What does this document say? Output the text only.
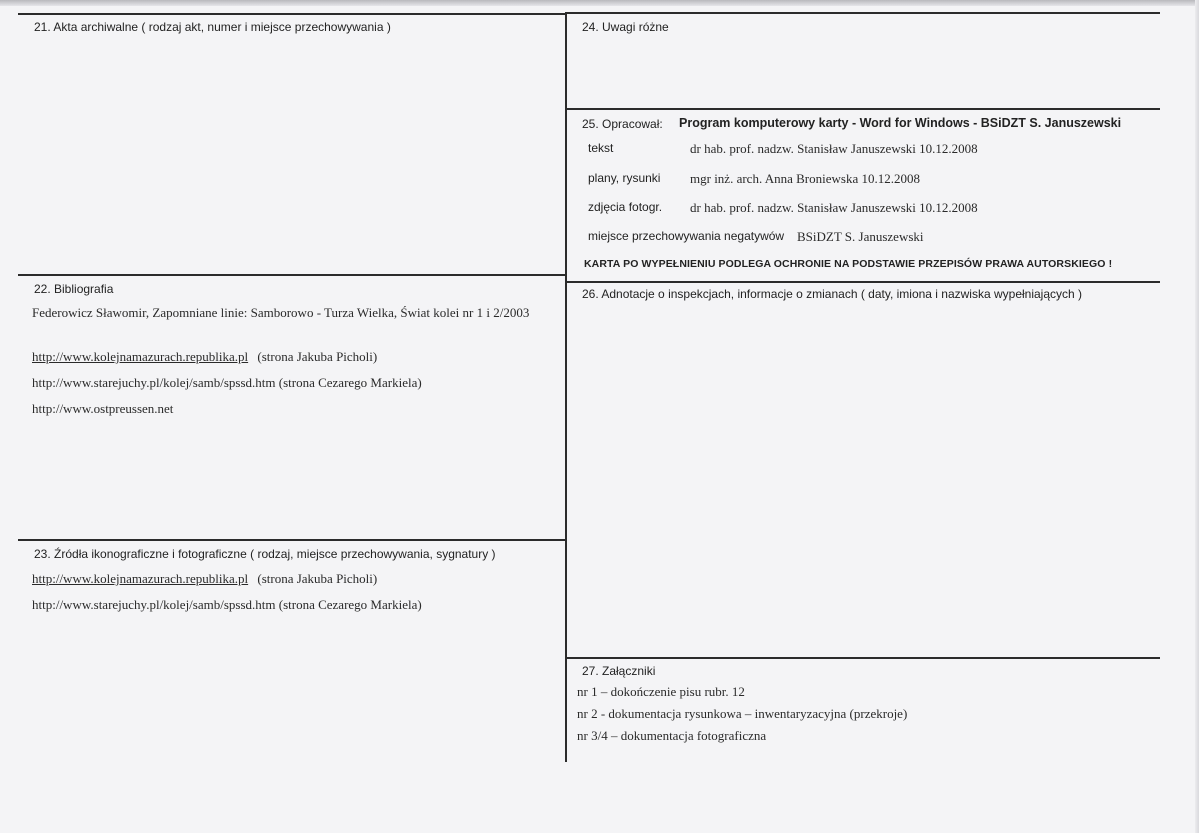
21. Akta archiwalne ( rodzaj akt, numer i miejsce przechowywania )
22. Bibliografia
Federowicz Sławomir, Zapomniane linie: Samborowo - Turza Wielka, Świat kolei nr 1 i 2/2003
http://www.kolejnamazurach.republika.pl (strona Jakuba Picholi)
http://www.starejuchy.pl/kolej/samb/spssd.htm (strona Cezarego Markiela)
http://www.ostpreussen.net
23. Źródła ikonograficzne i fotograficzne ( rodzaj, miejsce przechowywania, sygnatury )
http://www.kolejnamazurach.republika.pl (strona Jakuba Picholi)
http://www.starejuchy.pl/kolej/samb/spssd.htm (strona Cezarego Markiela)
24. Uwagi różne
25. Opracował: Program komputerowy karty - Word for Windows - BSiDZT S. Januszewski
tekst	dr hab. prof. nadzw. Stanisław Januszewski 10.12.2008
plany, rysunki mgr inż. arch. Anna Broniewska 10.12.2008
zdjęcia fotogr. dr hab. prof. nadzw. Stanisław Januszewski 10.12.2008
miejsce przechowywania negatywów BSiDZT S. Januszewski
KARTA PO WYPEŁNIENIU PODLEGA OCHRONIE NA PODSTAWIE PRZEPISÓW PRAWA AUTORSKIEGO !
26. Adnotacje o inspekcjach, informacje o zmianach ( daty, imiona i nazwiska wypełniających )
27. Załączniki
nr 1 – dokończenie pisu rubr. 12
nr 2 - dokumentacja rysunkowa – inwentaryzacyjna (przekroje)
nr 3/4 – dokumentacja fotograficzna
